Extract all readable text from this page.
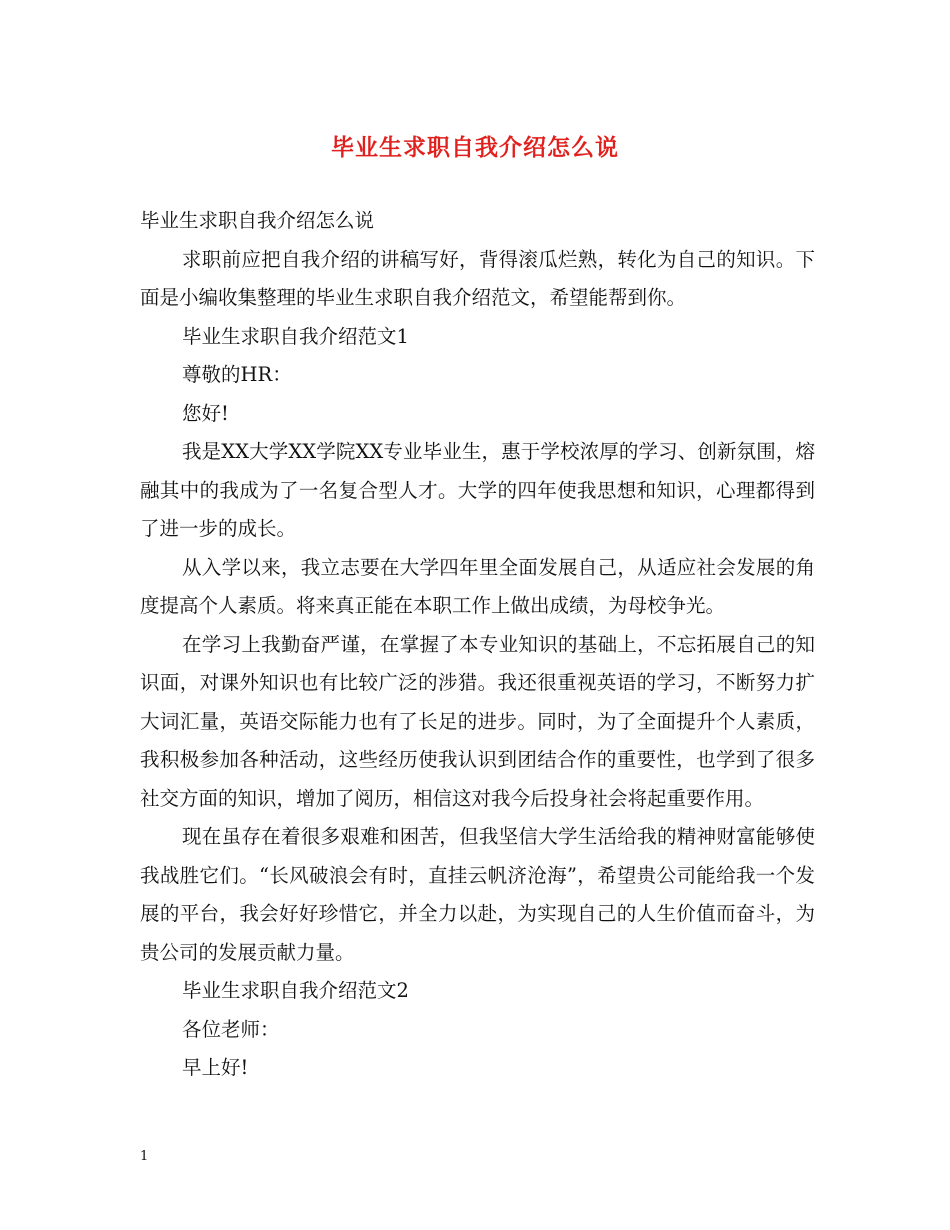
毕业生求职自我介绍怎么说

毕业生求职自我介绍怎么说

求职前应把自我介绍的讲稿写好，背得滚瓜烂熟，转化为自己的知识。下面是小编收集整理的毕业生求职自我介绍范文，希望能帮到你。

毕业生求职自我介绍范文1

尊敬的HR：

您好!

我是XX大学XX学院XX专业毕业生，惠于学校浓厚的学习、创新氛围，熔融其中的我成为了一名复合型人才。大学的四年使我思想和知识，心理都得到了进一步的成长。

从入学以来，我立志要在大学四年里全面发展自己，从适应社会发展的角度提高个人素质。将来真正能在本职工作上做出成绩，为母校争光。

在学习上我勤奋严谨，在掌握了本专业知识的基础上，不忘拓展自己的知识面，对课外知识也有比较广泛的涉猎。我还很重视英语的学习，不断努力扩大词汇量，英语交际能力也有了长足的进步。同时，为了全面提升个人素质，我积极参加各种活动，这些经历使我认识到团结合作的重要性，也学到了很多社交方面的知识，增加了阅历，相信这对我今后投身社会将起重要作用。

现在虽存在着很多艰难和困苦，但我坚信大学生活给我的精神财富能够使我战胜它们。“长风破浪会有时，直挂云帆济沧海”，希望贵公司能给我一个发展的平台，我会好好珍惜它，并全力以赴，为实现自己的人生价值而奋斗，为贵公司的发展贡献力量。

毕业生求职自我介绍范文2

各位老师：

早上好!

1
